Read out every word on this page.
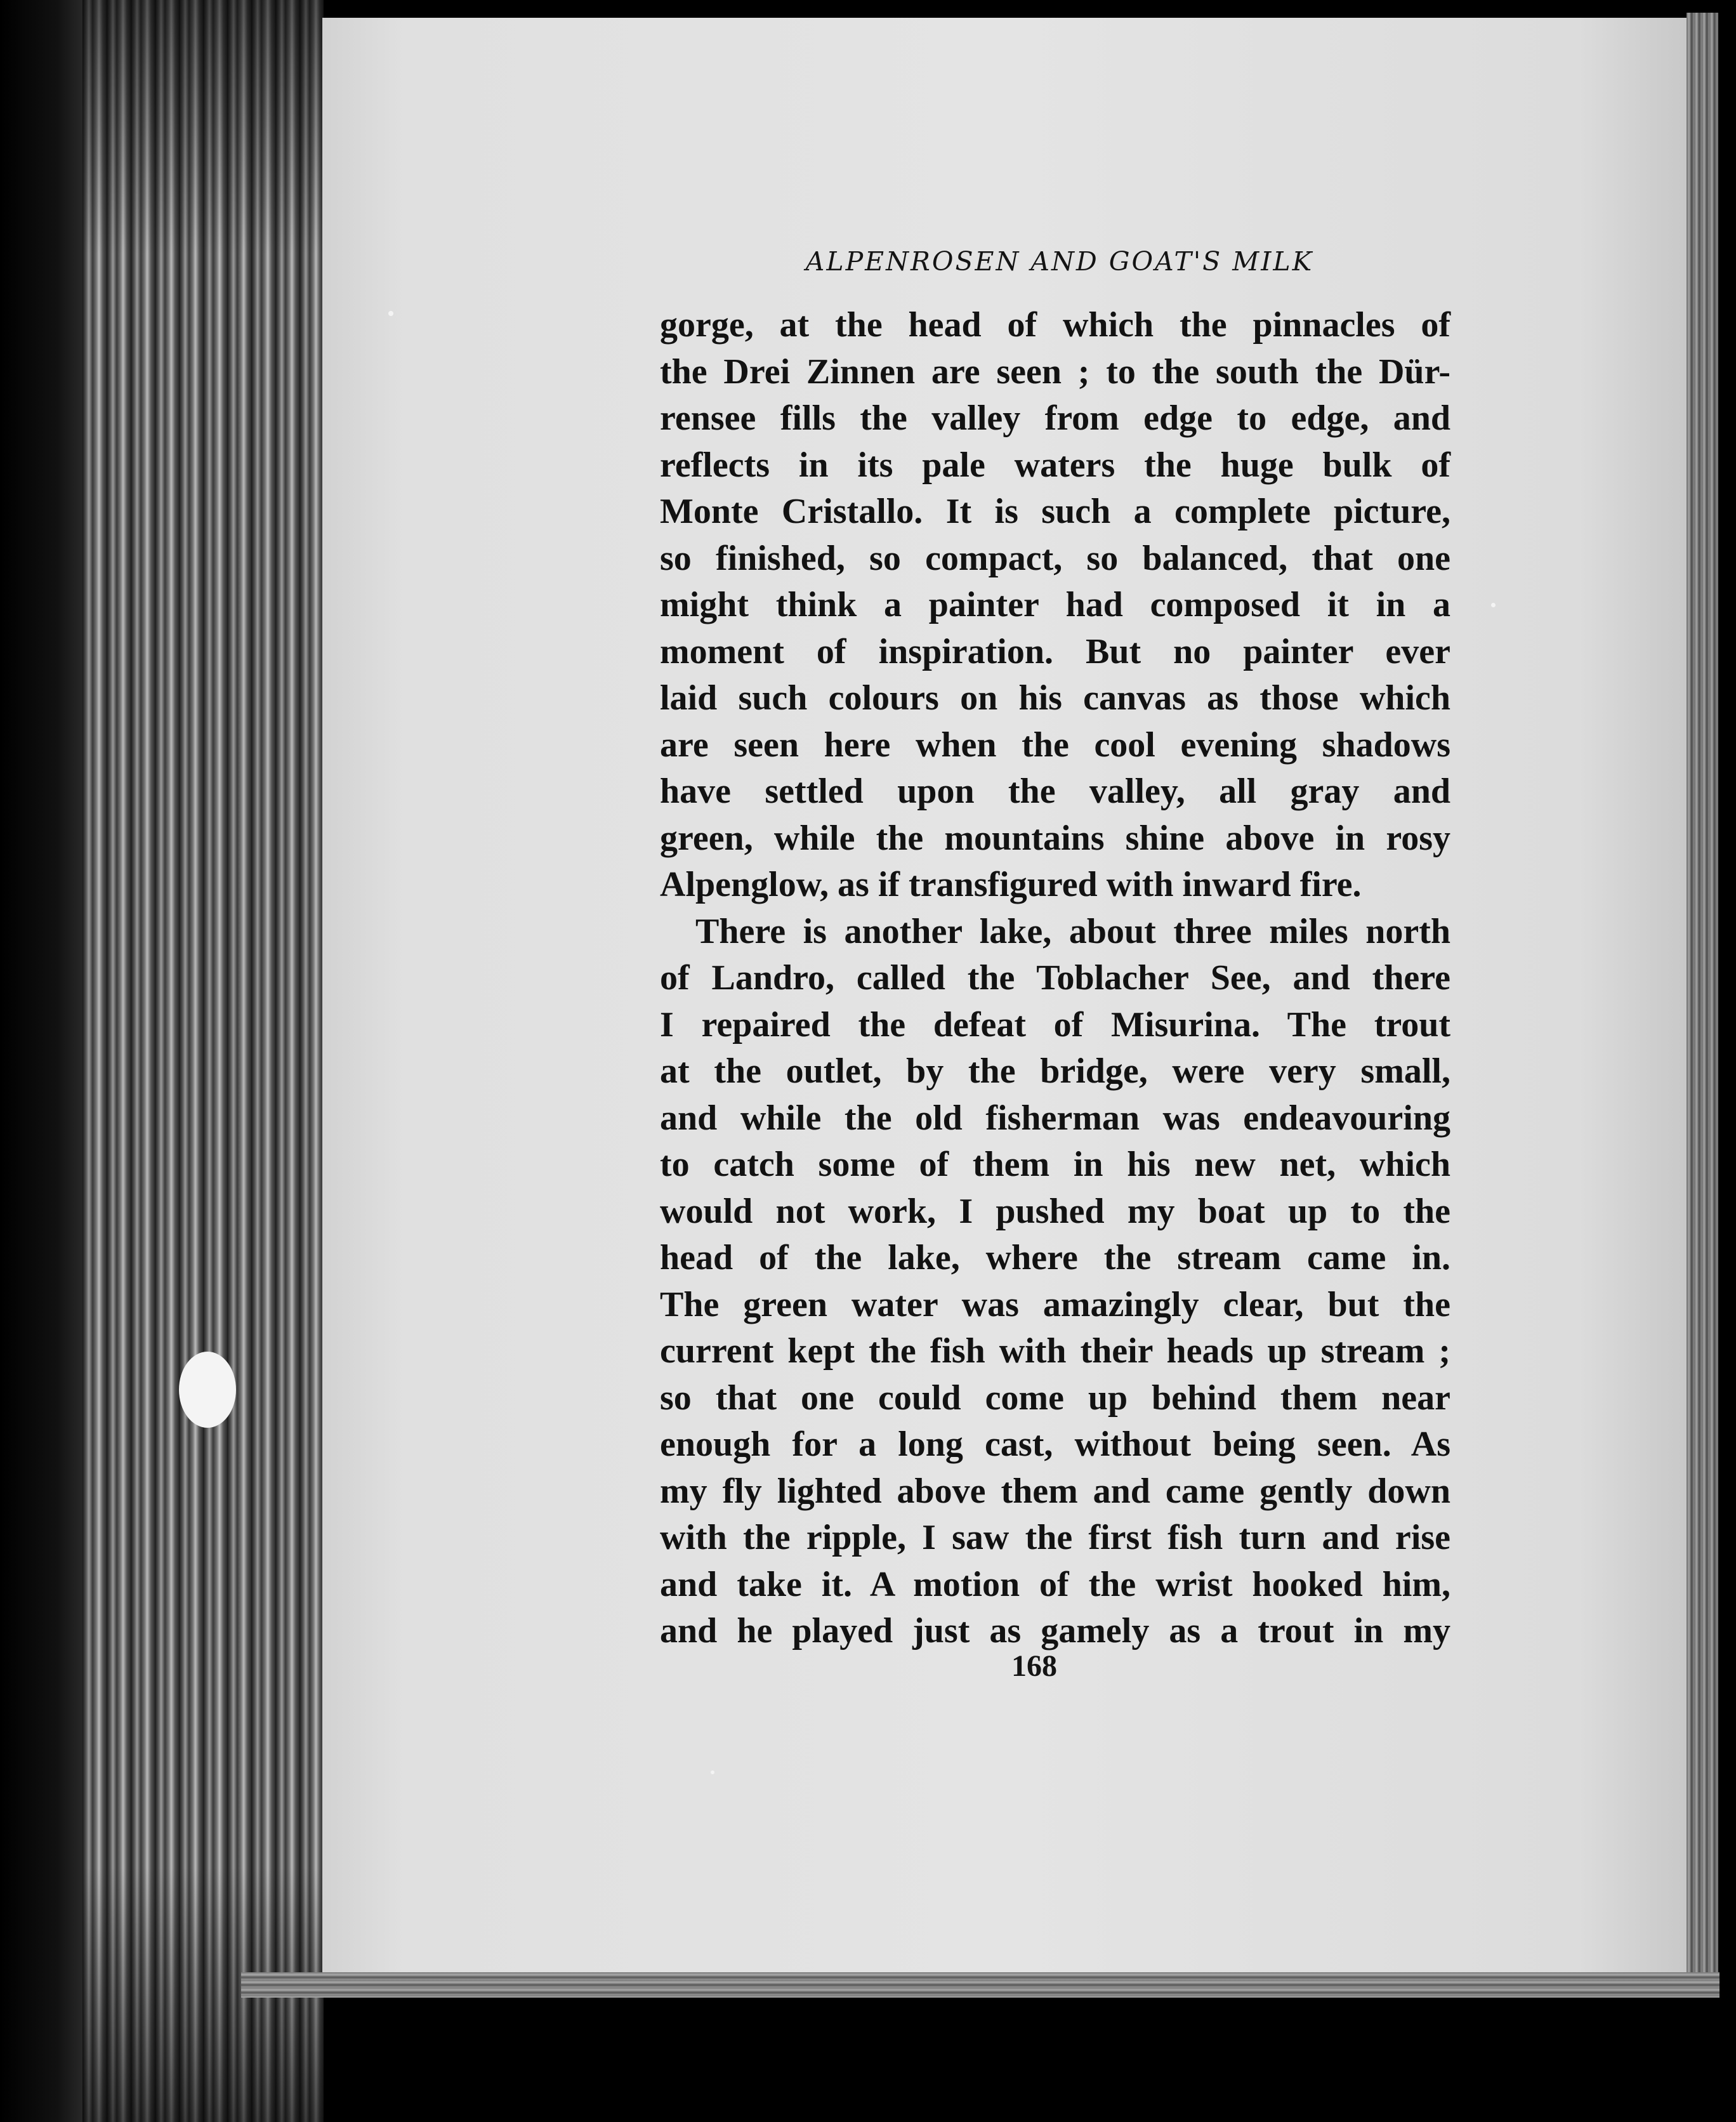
ALPENROSEN AND GOAT'S MILK

gorge, at the head of which the pinnacles of
the Drei Zinnen are seen ; to the south the Dür-
rensee fills the valley from edge to edge, and
reflects in its pale waters the huge bulk of
Monte Cristallo. It is such a complete picture,
so finished, so compact, so balanced, that one
might think a painter had composed it in a
moment of inspiration. But no painter ever
laid such colours on his canvas as those which
are seen here when the cool evening shadows
have settled upon the valley, all gray and
green, while the mountains shine above in rosy
Alpenglow, as if transfigured with inward fire.
There is another lake, about three miles north
of Landro, called the Toblacher See, and there
I repaired the defeat of Misurina. The trout
at the outlet, by the bridge, were very small,
and while the old fisherman was endeavouring
to catch some of them in his new net, which
would not work, I pushed my boat up to the
head of the lake, where the stream came in.
The green water was amazingly clear, but the
current kept the fish with their heads up stream ;
so that one could come up behind them near
enough for a long cast, without being seen. As
my fly lighted above them and came gently down
with the ripple, I saw the first fish turn and rise
and take it. A motion of the wrist hooked him,
and he played just as gamely as a trout in my

168
